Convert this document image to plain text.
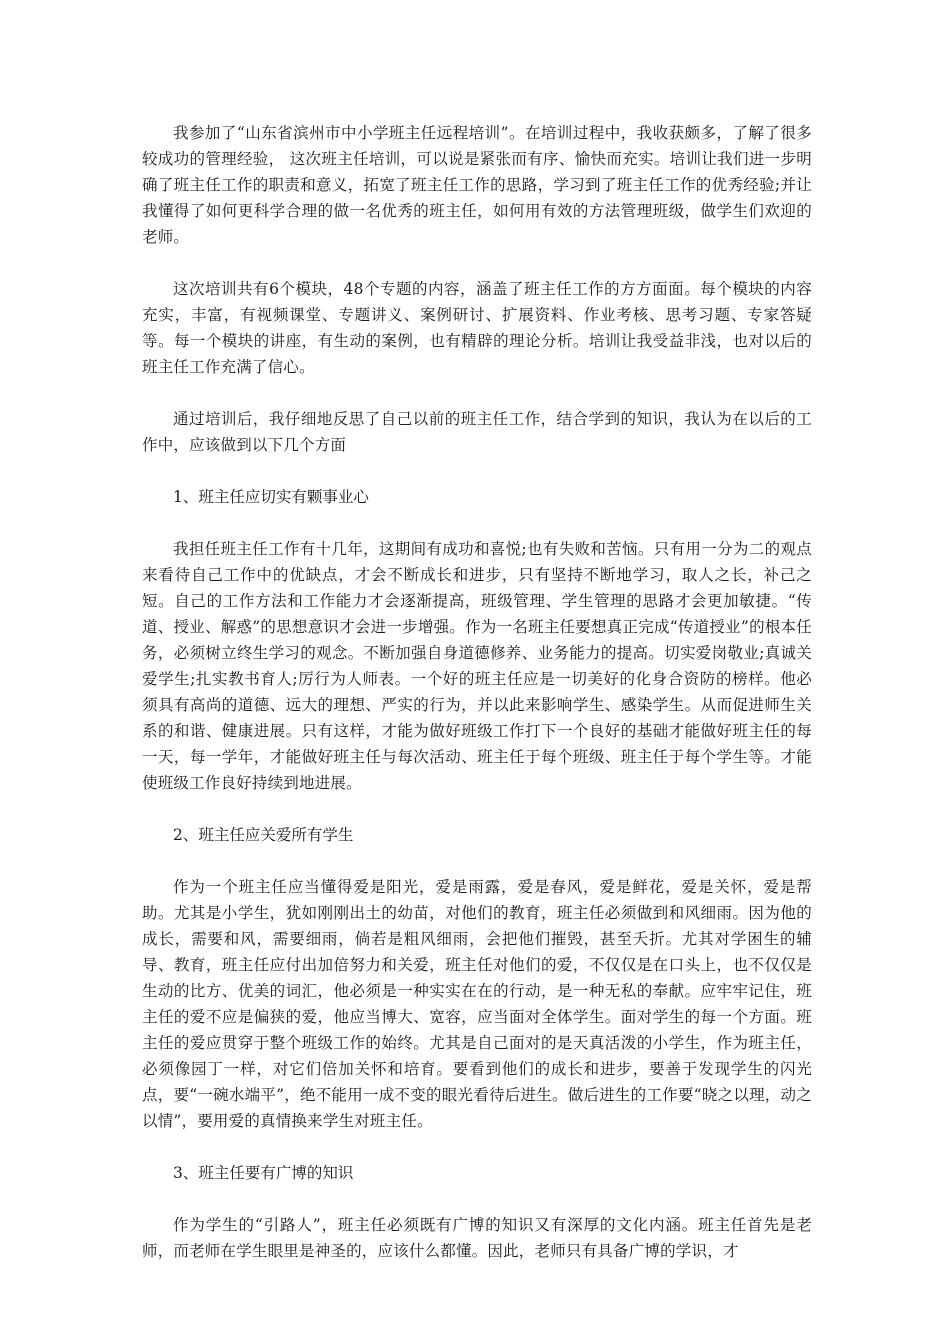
我参加了“山东省滨州市中小学班主任远程培训”。在培训过程中，我收获颇多，了解了很多较成功的管理经验， 这次班主任培训，可以说是紧张而有序、愉快而充实。培训让我们进一步明确了班主任工作的职责和意义，拓宽了班主任工作的思路，学习到了班主任工作的优秀经验;并让我懂得了如何更科学合理的做一名优秀的班主任，如何用有效的方法管理班级，做学生们欢迎的老师。

这次培训共有6个模块，48个专题的内容，涵盖了班主任工作的方方面面。每个模块的内容充实，丰富，有视频课堂、专题讲义、案例研讨、扩展资料、作业考核、思考习题、专家答疑等。每一个模块的讲座，有生动的案例，也有精辟的理论分析。培训让我受益非浅，也对以后的班主任工作充满了信心。

通过培训后，我仔细地反思了自己以前的班主任工作，结合学到的知识，我认为在以后的工作中，应该做到以下几个方面

1、班主任应切实有颗事业心

我担任班主任工作有十几年，这期间有成功和喜悦;也有失败和苦恼。只有用一分为二的观点来看待自己工作中的优缺点，才会不断成长和进步，只有坚持不断地学习，取人之长，补己之短。自己的工作方法和工作能力才会逐渐提高，班级管理、学生管理的思路才会更加敏捷。“传道、授业、解惑”的思想意识才会进一步增强。作为一名班主任要想真正完成“传道授业”的根本任务，必须树立终生学习的观念。不断加强自身道德修养、业务能力的提高。切实爱岗敬业;真诚关爱学生;扎实教书育人;厉行为人师表。一个好的班主任应是一切美好的化身合资防的榜样。他必须具有高尚的道德、远大的理想、严实的行为，并以此来影响学生、感染学生。从而促进师生关系的和谐、健康进展。只有这样，才能为做好班级工作打下一个良好的基础才能做好班主任的每一天，每一学年，才能做好班主任与每次活动、班主任于每个班级、班主任于每个学生等。才能使班级工作良好持续到地进展。

2、班主任应关爱所有学生

作为一个班主任应当懂得爱是阳光，爱是雨露，爱是春风，爱是鲜花，爱是关怀，爱是帮助。尤其是小学生，犹如刚刚出土的幼苗，对他们的教育，班主任必须做到和风细雨。因为他的成长，需要和风，需要细雨，倘若是粗风细雨，会把他们摧毁，甚至夭折。尤其对学困生的辅导、教育，班主任应付出加倍努力和关爱，班主任对他们的爱，不仅仅是在口头上，也不仅仅是生动的比方、优美的词汇，他必须是一种实实在在的行动，是一种无私的奉献。应牢牢记住，班主任的爱不应是偏狭的爱，他应当博大、宽容，应当面对全体学生。面对学生的每一个方面。班主任的爱应贯穿于整个班级工作的始终。尤其是自己面对的是天真活泼的小学生，作为班主任，必须像园丁一样，对它们倍加关怀和培育。要看到他们的成长和进步，要善于发现学生的闪光点，要“一碗水端平”，绝不能用一成不变的眼光看待后进生。做后进生的工作要“晓之以理，动之以情”，要用爱的真情换来学生对班主任。

3、班主任要有广博的知识

作为学生的“引路人”，班主任必须既有广博的知识又有深厚的文化内涵。班主任首先是老师，而老师在学生眼里是神圣的，应该什么都懂。因此，老师只有具备广博的学识，才
